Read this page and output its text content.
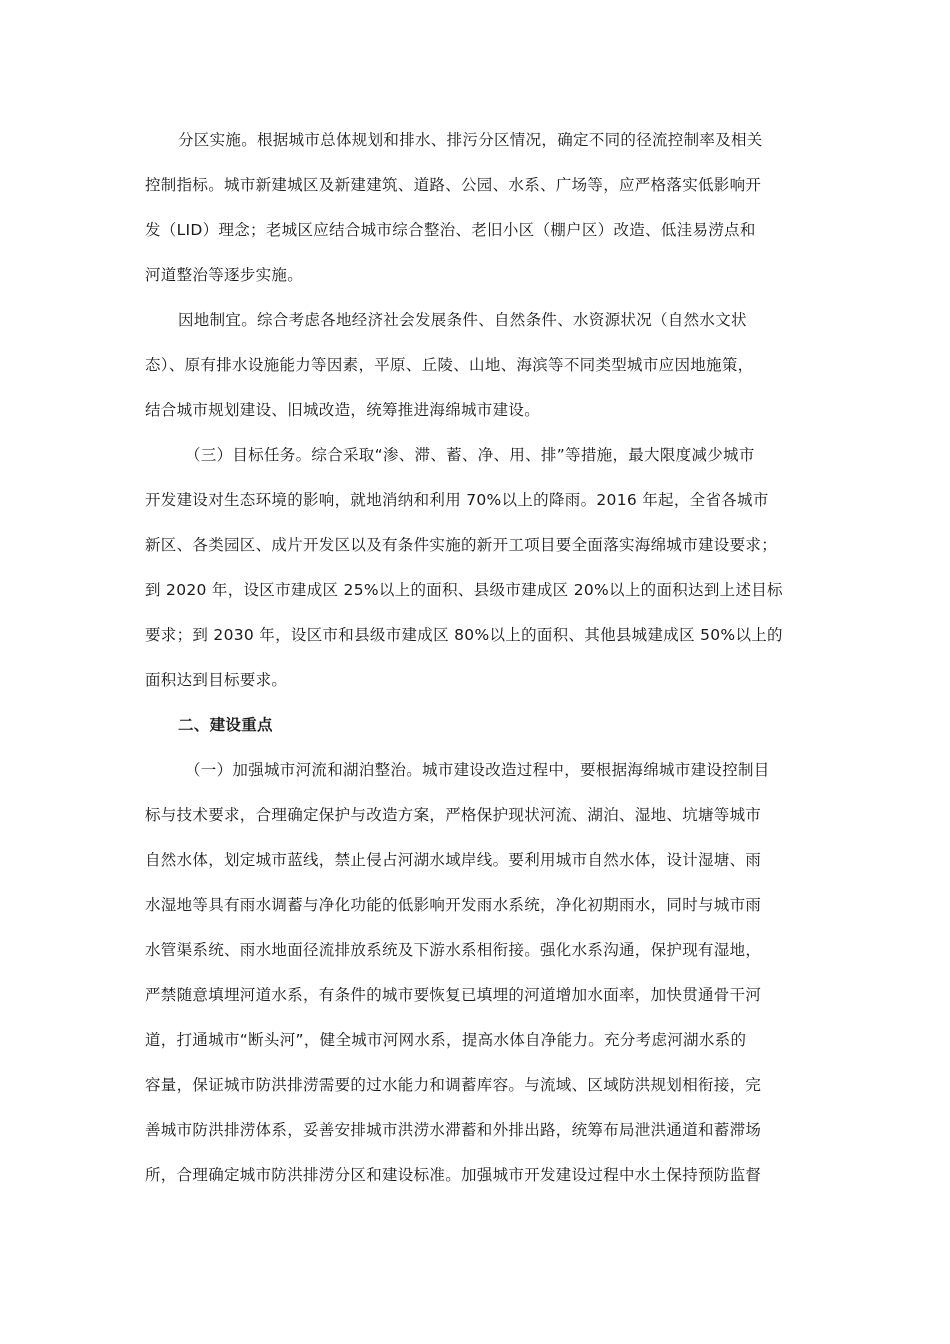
分区实施。根据城市总体规划和排水、排污分区情况，确定不同的径流控制率及相关
控制指标。城市新建城区及新建建筑、道路、公园、水系、广场等，应严格落实低影响开
发（LID）理念；老城区应结合城市综合整治、老旧小区（棚户区）改造、低洼易涝点和
河道整治等逐步实施。
因地制宜。综合考虑各地经济社会发展条件、自然条件、水资源状况（自然水文状
态）、原有排水设施能力等因素，平原、丘陵、山地、海滨等不同类型城市应因地施策，
结合城市规划建设、旧城改造，统筹推进海绵城市建设。
（三）目标任务。综合采取“渗、滞、蓄、净、用、排”等措施，最大限度减少城市
开发建设对生态环境的影响，就地消纳和利用 70%以上的降雨。2016 年起，全省各城市
新区、各类园区、成片开发区以及有条件实施的新开工项目要全面落实海绵城市建设要求；
到 2020 年，设区市建成区 25%以上的面积、县级市建成区 20%以上的面积达到上述目标
要求；到 2030 年，设区市和县级市建成区 80%以上的面积、其他县城建成区 50%以上的
面积达到目标要求。
二、建设重点
（一）加强城市河流和湖泊整治。城市建设改造过程中，要根据海绵城市建设控制目
标与技术要求，合理确定保护与改造方案，严格保护现状河流、湖泊、湿地、坑塘等城市
自然水体，划定城市蓝线，禁止侵占河湖水域岸线。要利用城市自然水体，设计湿塘、雨
水湿地等具有雨水调蓄与净化功能的低影响开发雨水系统，净化初期雨水，同时与城市雨
水管渠系统、雨水地面径流排放系统及下游水系相衔接。强化水系沟通，保护现有湿地，
严禁随意填埋河道水系，有条件的城市要恢复已填埋的河道增加水面率，加快贯通骨干河
道，打通城市“断头河”，健全城市河网水系，提高水体自净能力。充分考虑河湖水系的
容量，保证城市防洪排涝需要的过水能力和调蓄库容。与流域、区域防洪规划相衔接，完
善城市防洪排涝体系，妥善安排城市洪涝水滞蓄和外排出路，统筹布局泄洪通道和蓄滞场
所，合理确定城市防洪排涝分区和建设标准。加强城市开发建设过程中水土保持预防监督
